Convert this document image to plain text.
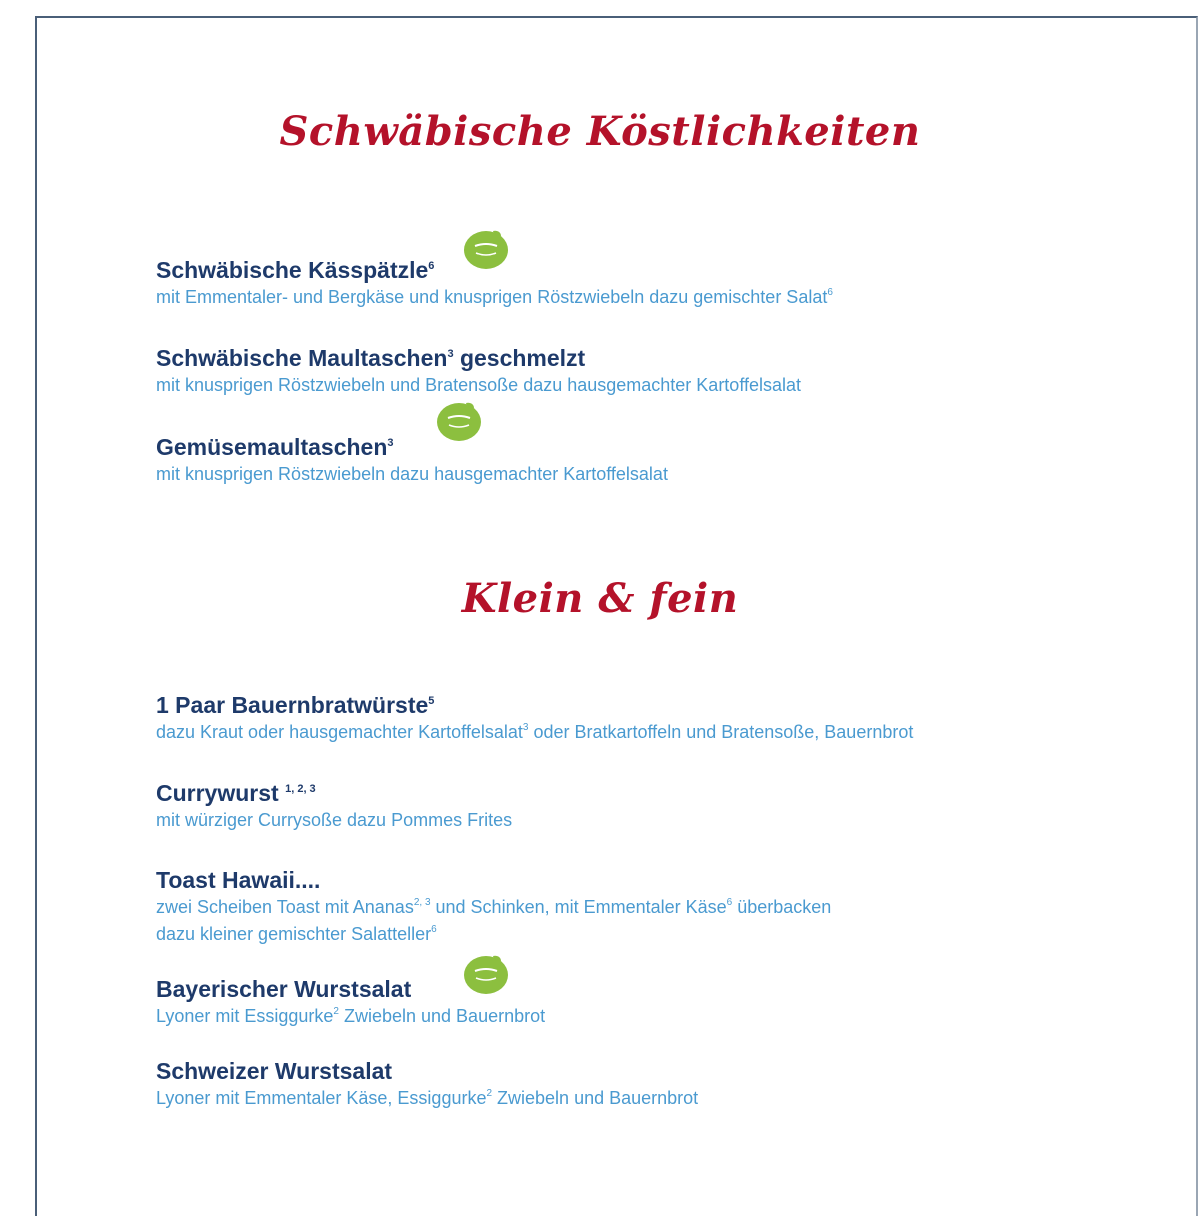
Schwäbische Köstlichkeiten
Schwäbische Kässpätzle$^6$
mit Emmentaler- und Bergkäse und knusprigen Röstzwiebeln dazu gemischter Salat$^6$
Schwäbische Maultaschen$^3$ geschmelzt
mit knusprigen Röstzwiebeln und Bratensoße dazu hausgemachter Kartoffelsalat
Gemüsemaultaschen$^3$
mit knusprigen Röstzwiebeln dazu hausgemachter Kartoffelsalat
Klein & fein
1 Paar Bauernbratwürste$^5$
dazu Kraut oder hausgemachter Kartoffelsalat$^3$ oder Bratkartoffeln und Bratensoße, Bauernbrot
Currywurst $^{1, 2, 3}$
mit würziger Currysoße dazu Pommes Frites
Toast Hawaii....
zwei Scheiben Toast mit Ananas$^{2, 3}$ und Schinken, mit Emmentaler Käse$^6$ überbacken
dazu kleiner gemischter Salatteller$^6$
Bayerischer Wurstsalat
Lyoner mit Essiggurke$^2$ Zwiebeln und Bauernbrot
Schweizer Wurstsalat
Lyoner mit Emmentaler Käse, Essiggurke$^2$ Zwiebeln und Bauernbrot
